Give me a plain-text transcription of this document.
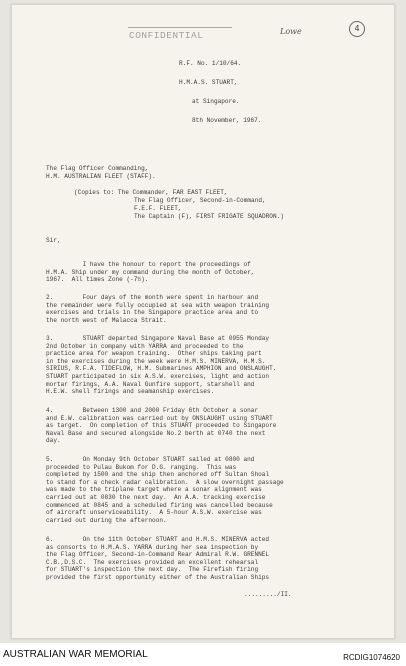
CONFIDENTIAL	Lowe	4

R.F. No. 1/10/64.

H.M.A.S. STUART,

at Singapore.

8th November, 1967.

The Flag Officer Commanding,

H.M. AUSTRALIAN FLEET (STAFF).

(Copies to: The Commander, FAR EAST FLEET,

The Flag Officer, Second-in-Command,

F.E.F. FLEET,

The Captain (F), FIRST FRIGATE SQUADRON.)

Sir,

I have the honour to report the proceedings of
H.M.A. Ship under my command during the month of October,
1967.  All times Zone (-7½).

2.        Four days of the month were spent in harbour and
the remainder were fully occupied at sea with weapon training
exercises and trials in the Singapore practice area and to
the north west of Malacca Strait.

3.        STUART departed Singapore Naval Base at 0955 Monday
2nd October in company with YARRA and proceeded to the
practice area for weapon training.  Other ships taking part
in the exercises during the week were H.M.S. MINERVA, H.M.S.
SIRIUS, R.F.A. TIDEFLOW, H.M. Submarines AMPHION and ONSLAUGHT.
STUART participated in six A.S.W. exercises, light and action
mortar firings, A.A. Naval Gunfire support, starshell and
H.E.W. shell firings and seamanship exercises.

4.        Between 1300 and 2000 Friday 6th October a sonar
and E.W. calibration was carried out by ONSLAUGHT using STUART
as target.  On completion of this STUART proceeded to Singapore
Naval Base and secured alongside No.2 berth at 0740 the next
day.

5.        On Monday 9th October STUART sailed at 0800 and
proceeded to Pulau Bukom for D.G. ranging.  This was
completed by 1500 and the ship then anchored off Sultan Shoal
to stand for a check radar calibration.  A slow overnight passage
was made to the triplane target where a sonar alignment was
carried out at 0830 the next day.  An A.A. tracking exercise
commenced at 0845 and a scheduled firing was cancelled because
of aircraft unserviceability.  A 5-hour A.S.W. exercise was
carried out during the afternoon.

6.        On the 11th October STUART and H.M.S. MINERVA acted
as consorts to H.M.A.S. YARRA during her sea inspection by
the Flag Officer, Second-in-Command Rear Admiral R.W. GRENNEL
C.B.,D.S.C.  The exercises provided an excellent rehearsal
for STUART's inspection the next day.  The Firefish firing
provided the first opportunity either of the Australian Ships

........./II.

AUSTRALIAN WAR MEMORIAL	RCDIG1074620
